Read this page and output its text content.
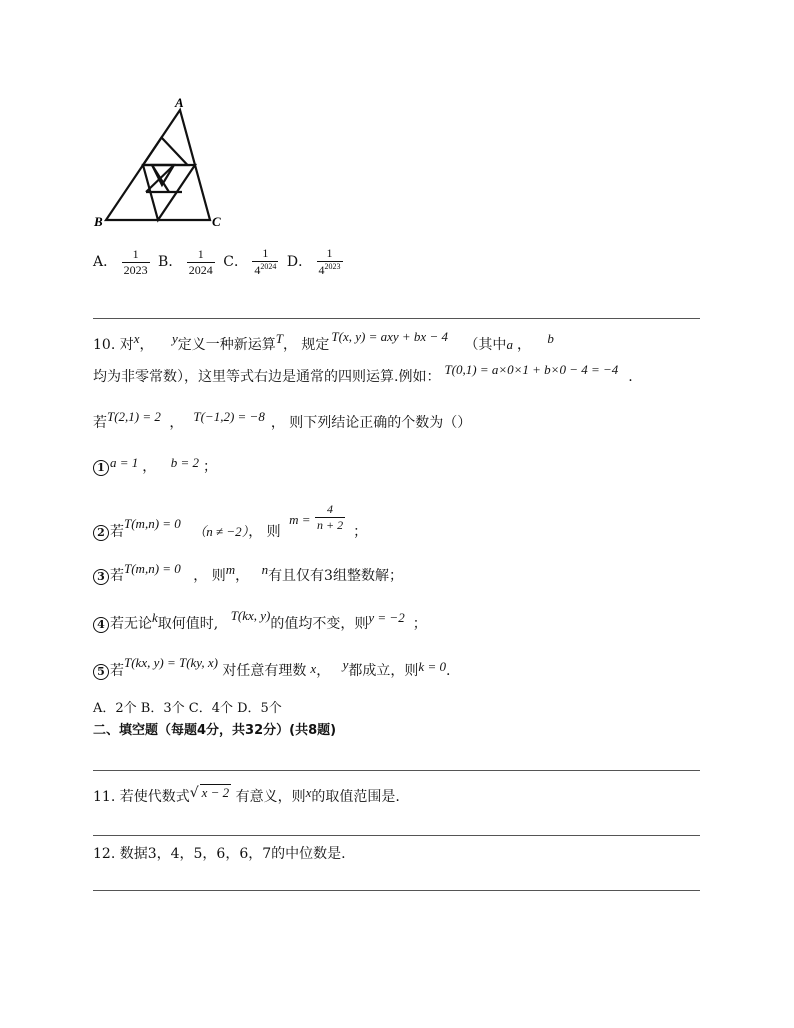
A
B	C
A． $\frac{1}{2023}$ B． $\frac{1}{2024}$ C． $\frac{1}{4^{2024}}$ D． $\frac{1}{4^{2023}}$
10. 对x， y定义一种新运算T， 规定T(x, y) = axy + bx − 4 （其中a ， b
均为非零常数），这里等式右边是通常的四则运算.例如： T(0,1) = a×0×1 + b×0 − 4 = −4 .
若T(2,1) = 2 ， T(−1,2) = −8 ， 则下列结论正确的个数为（）
1 a = 1 ， b = 2 ；
2 若T(m,n) = 0 （n ≠ −2）， 则 $m = \frac{4}{n + 2}$ ；
3 若T(m,n) = 0 ， 则m， n有且仅有3组整数解；
4 若无论k取何值时, T(kx, y)的值均不变，则y = −2 ；
5 若T(kx, y) = T(ky, x) 对任意有理数 x， y都成立，则k = 0.
A．2个 B．3个 C．4个 D．5个
二、填空题（每题4分，共32分）(共8题)
11. 若使代数式√ x − 2 有意义，则x的取值范围是.
12. 数据3，4，5，6，6，7的中位数是.
